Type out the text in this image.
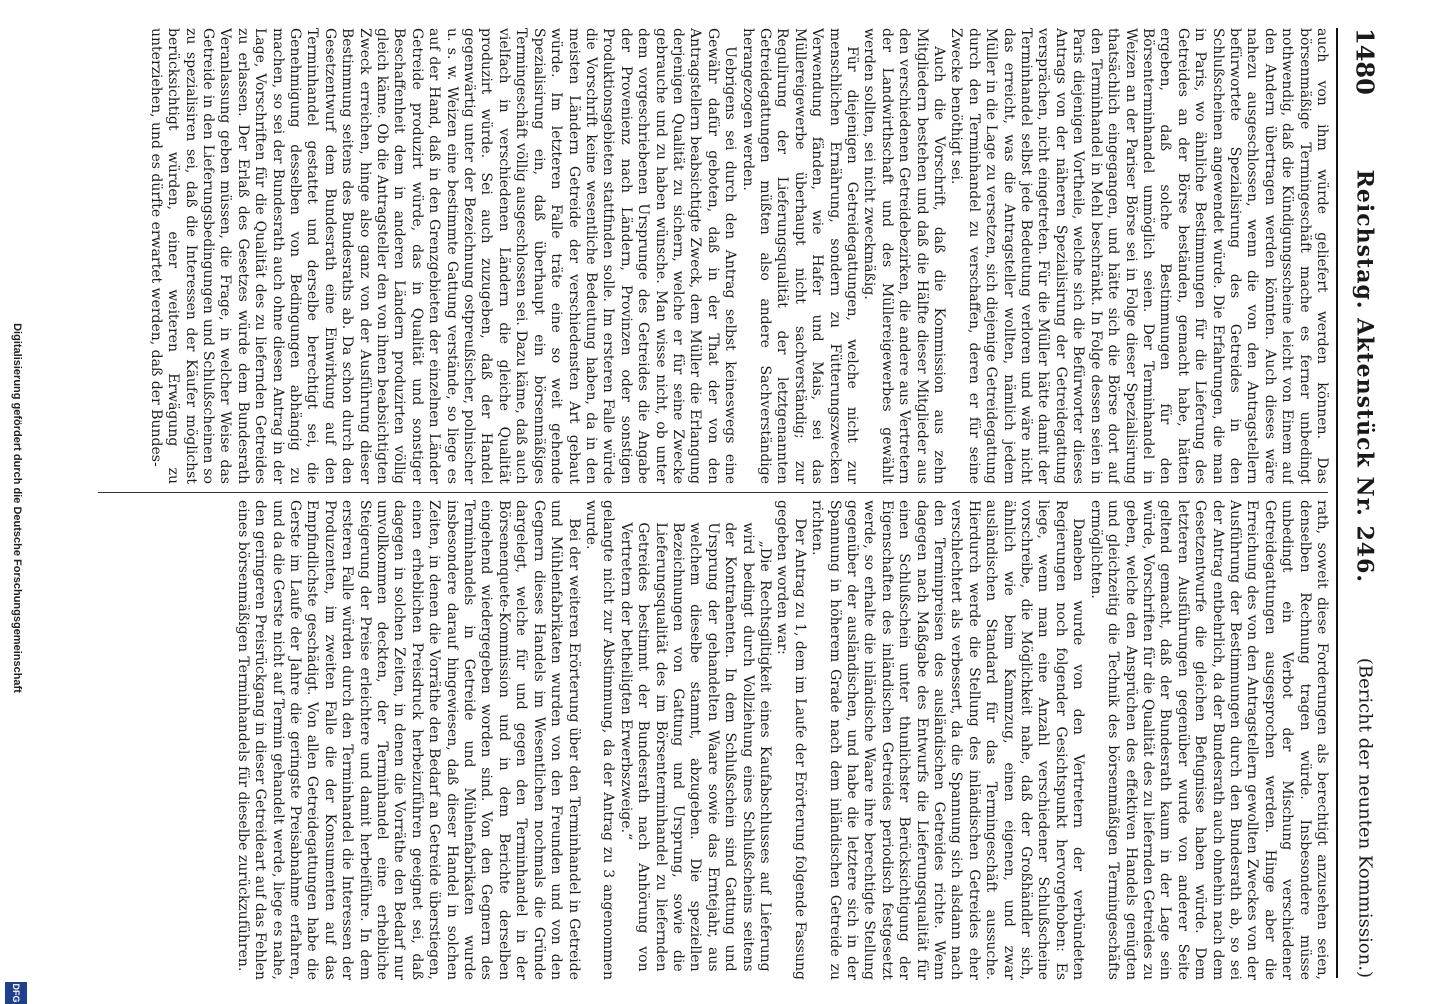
Digitalisierung gefördert durch die Deutsche Forschungsgemeinschaft
DFG
1480
Reichstag. Aktenstück Nr. 246.
(Bericht der neunten Kommission.)

auch von ihm würde geliefert werden können. Das börsenmäßige Termingeschäft mache es ferner unbedingt nothwendig, daß die Kündigungsscheine leicht von Einem auf den Andern übertragen werden könnten. Auch dieses wäre nahezu ausgeschlossen, wenn die von den Antragstellern befürwortete Spezialisirung des Getreides in den Schlußscheinen angewendet würde. Die Erfahrungen, die man in Paris, wo ähnliche Bestimmungen für die Lieferung des Getreides an der Börse beständen, gemacht habe, hätten ergeben, daß solche Bestimmungen für den Börsenterminhandel unmöglich seien. Der Terminhandel in Weizen an der Pariser Börse sei in Folge dieser Spezialisirung thatsächlich eingegangen, und hätte sich die Börse dort auf den Terminhandel in Mehl beschränkt. In Folge dessen seien in Paris diejenigen Vortheile, welche sich die Befürworter dieses Antrags von der näheren Spezialisirung der Getreidegattung versprächen, nicht eingetreten. Für die Müller hätte damit der Terminhandel selbst jede Bedeutung verloren und wäre nicht das erreicht, was die Antragsteller wollten, nämlich jedem Müller in die Lage zu versetzen, sich diejenige Getreidegattung durch den Terminhandel zu verschaffen, deren er für seine Zwecke benöthigt sei.

Auch die Vorschrift, daß die Kommission aus zehn Mitgliedern bestehen und daß die Hälfte dieser Mitglieder aus den verschiedenen Getreidebezirken, die andere aus Vertretern der Landwirthschaft und des Müllereigewerbes gewählt werden sollten, sei nicht zweckmäßig.

Für diejenigen Getreidegattungen, welche nicht zur menschlichen Ernährung, sondern zu Fütterungszwecken Verwendung fänden, wie Hafer und Mais, sei das Müllereigewerbe überhaupt nicht sachverständig; zur Regulirung der Lieferungsqualität der letztgenannten Getreidegattungen müßten also andere Sachverständige herangezogen werden.

Uebrigens sei durch den Antrag selbst keineswegs eine Gewähr dafür geboten, daß in der That der von den Antragstellern beabsichtigte Zweck, dem Müller die Erlangung derjenigen Qualität zu sichern, welche er für seine Zwecke gebrauche und zu haben wünsche. Man wisse nicht, ob unter dem vorgeschriebenen Ursprunge des Getreides die Angabe der Provenienz nach Ländern, Provinzen oder sonstigen Produktionsgebieten stattfinden solle. Im ersteren Falle würde die Vorschrift keine wesentliche Bedeutung haben, da in den meisten Ländern Getreide der verschiedensten Art gebaut würde. Im letzteren Falle träte eine so weit gehende Spezialisirung ein, daß überhaupt ein börsenmäßiges Termingeschäft völlig ausgeschlossen sei. Dazu käme, daß auch vielfach in verschiedenen Ländern die gleiche Qualität produzirt würde. Sei auch zuzugeben, daß der Handel gegenwärtig unter der Bezeichnung ostpreußischer, polnischer u. s. w. Weizen eine bestimmte Gattung verstände, so liege es auf der Hand, daß in den Grenzgebieten der einzelnen Länder Getreide produzirt würde, das in Qualität und sonstiger Beschaffenheit dem in anderen Ländern produzirten völlig gleich käme. Ob die Antragsteller den von ihnen beabsichtigten Zweck erreichen, hinge also ganz von der Ausführung dieser Bestimmung seitens des Bundesraths ab. Da schon durch den Gesetzentwurf dem Bundesrath eine Einwirkung auf den Terminhandel gestattet und derselbe berechtigt sei, die Genehmigung desselben von Bedingungen abhängig zu machen, so sei der Bundesrath auch ohne diesen Antrag in der Lage, Vorschriften für die Qualität des zu liefernden Getreides zu erlassen. Der Erlaß des Gesetzes würde dem Bundesrath Veranlassung geben müssen, die Frage, in welcher Weise das Getreide in den Lieferungsbedingungen und Schlußscheinen so zu spezialisiren sei, daß die Interessen der Käufer möglichst berücksichtigt würden, einer weiteren Erwägung zu unterziehen, und es dürfte erwartet werden, daß der Bundes-

rath, soweit diese Forderungen als berechtigt anzusehen seien, denselben Rechnung tragen würde. Insbesondere müsse unbedingt ein Verbot der Mischung verschiedener Getreidegattungen ausgesprochen werden. Hinge aber die Erreichung des von den Antragstellern gewollten Zweckes von der Ausführung der Bestimmungen durch den Bundesrath ab, so sei der Antrag entbehrlich, da der Bundesrath auch ohnehin nach dem Gesetzentwurfe die gleichen Befugnisse haben würde. Dem letzteren Ausführungen gegenüber wurde von anderer Seite geltend gemacht, daß der Bundesrath kaum in der Lage sein würde, Vorschriften für die Qualität des zu liefernden Getreides zu geben, welche den Ansprüchen des effektiven Handels genügten und gleichzeitig die Technik des börsenmäßigen Termingeschäfts ermöglichten.

Daneben wurde von den Vertretern der verbündeten Regierungen noch folgender Gesichtspunkt hervorgehoben: Es liege, wenn man eine Anzahl verschiedener Schlußscheine vorschreibe, die Möglichkeit nahe, daß der Großhändler sich, ähnlich wie beim Kammzug, einen eigenen, und zwar ausländischen Standard für das Termingeschäft aussuche. Hierdurch werde die Stellung des inländischen Getreides eher verschlechtert als verbessert, da die Spannung sich alsdann nach den Terminpreisen des ausländischen Getreides richte. Wenn dagegen nach Maßgabe des Entwurfs die Lieferungsqualität für einen Schlußschein unter thunlichster Berücksichtigung der Eigenschaften des inländischen Getreides periodisch festgesetzt werde, so erhalte die inländische Waare ihre berechtigte Stellung gegenüber der ausländischen, und habe die letztere sich in der Spannung in höherem Grade nach dem inländischen Getreide zu richten.

Der Antrag zu 1, dem im Laufe der Erörterung folgende Fassung gegeben worden war:

„Die Rechtsgiltigkeit eines Kaufabschlusses auf Lieferung wird bedingt durch Vollziehung eines Schlußscheins seitens der Kontrahenten. In dem Schlußschein sind Gattung und Ursprung der gehandelten Waare sowie das Erntejahr, aus welchem dieselbe stammt, abzugeben. Die speziellen Bezeichnungen von Gattung und Ursprung, sowie die Lieferungsqualität des im Börsenterminhandel zu liefernden Getreides bestimmt der Bundesrath nach Anhörung von Vertretern der betheiligten Erwerbszweige.“

gelangte nicht zur Abstimmung, da der Antrag zu 3 angenommen wurde.

Bei der weiteren Erörterung über den Terminhandel in Getreide und Mühlenfabrikaten wurden von den Freunden und von den Gegnern dieses Handels im Wesentlichen nochmals die Gründe dargelegt, welche für und gegen den Terminhandel in der Börsenenquete-Kommission und in dem Berichte derselben eingehend wiedergegeben worden sind. Von den Gegnern des Terminhandels in Getreide und Mühlenfabrikaten wurde insbesondere darauf hingewiesen, daß dieser Handel in solchen Zeiten, in denen die Vorräthe den Bedarf an Getreide überstiegen, einen erheblichen Preisdruck herbeizuführen geeignet sei, daß dagegen in solchen Zeiten, in denen die Vorräthe den Bedarf nur unvollkommen deckten, der Terminhandel eine erhebliche Steigerung der Preise erleichtere und damit herbeiführe. In dem ersteren Falle würden durch den Terminhandel die Interessen der Produzenten, im zweiten Falle die der Konsumenten auf das Empfindlichste geschädigt. Von allen Getreidegattungen habe die Gerste im Laufe der Jahre die geringste Preisabnahme erfahren, und da die Gerste nicht auf Termin gehandelt werde, liege es nahe, den geringeren Preisrückgang in dieser Getreideart auf das Fehlen eines börsenmäßigen Terminhandels für dieselbe zurückzuführen.
